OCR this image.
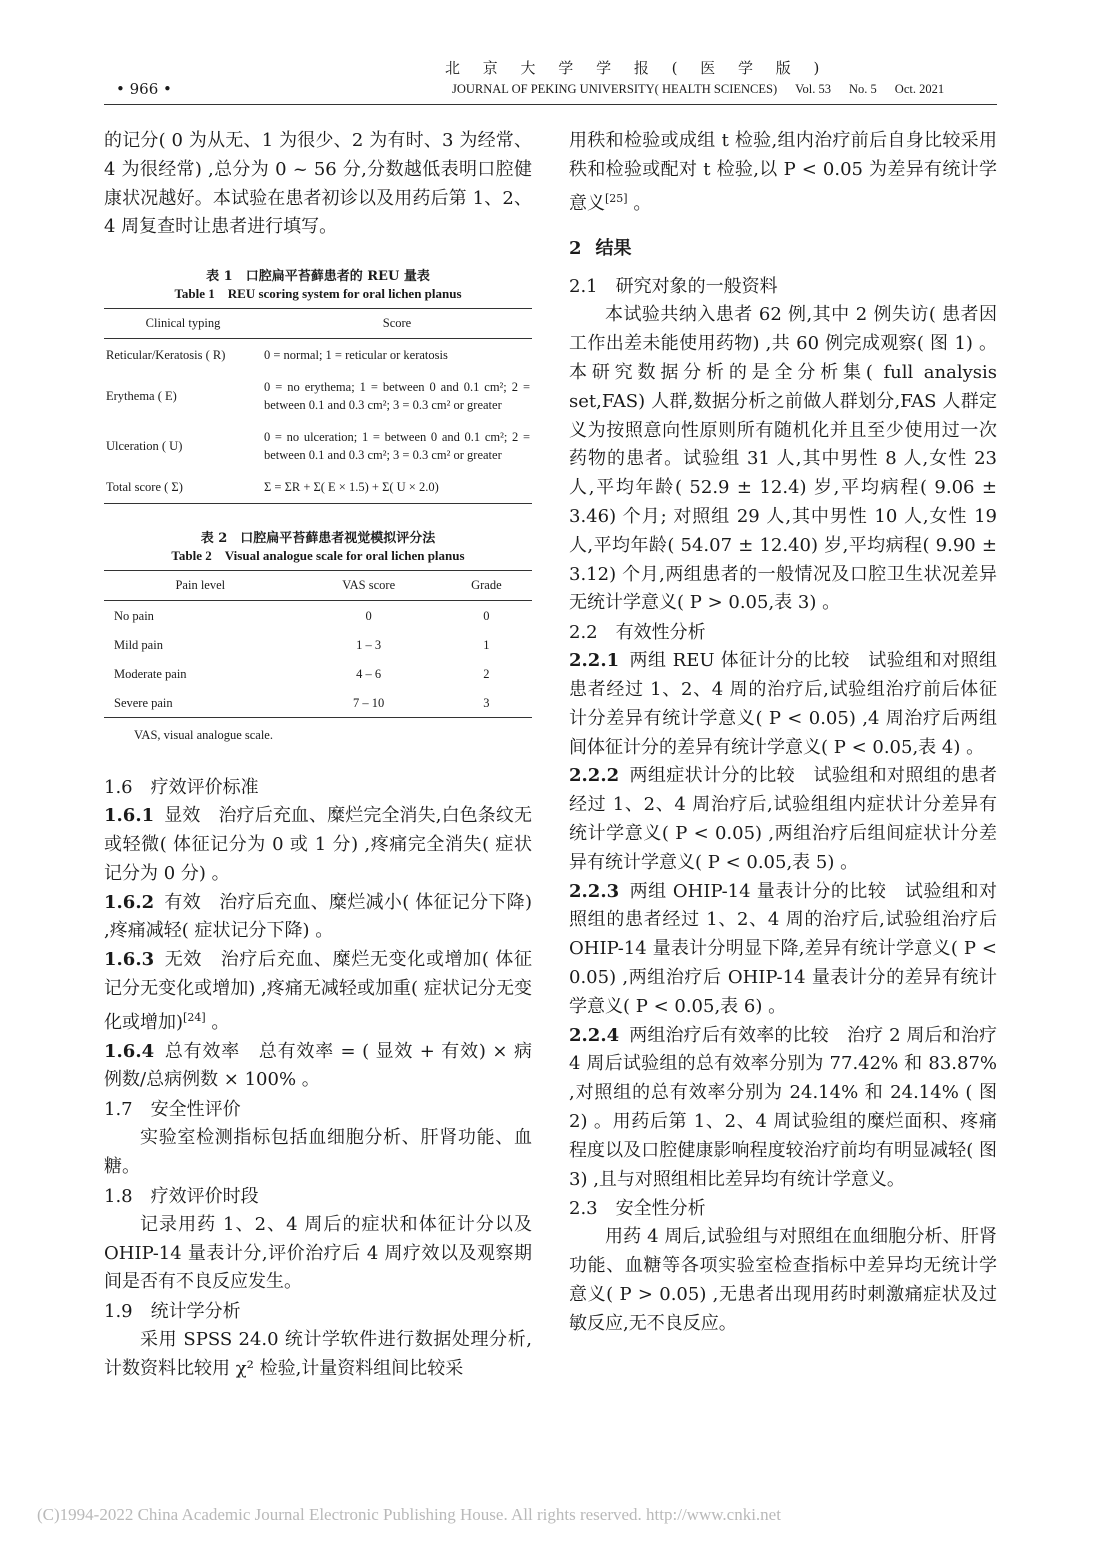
• 966 •
北 京 大 学 学 报 ( 医 学 版 )
JOURNAL OF PEKING UNIVERSITY( HEALTH SCIENCES) Vol. 53 No. 5 Oct. 2021

的记分( 0 为从无、1 为很少、2 为有时、3 为经常、4 为很经常) ,总分为 0 ~ 56 分,分数越低表明口腔健康状况越好。本试验在患者初诊以及用药后第 1、2、4 周复查时让患者进行填写。

表 1　口腔扁平苔藓患者的 REU 量表

Table 1　REU scoring system for oral lichen planus

Clinical typing	Score
Reticular/Keratosis ( R)	0 = normal; 1 = reticular or keratosis
Erythema ( E)	0 = no erythema; 1 = between 0 and 0.1 cm²; 2 = between 0.1 and 0.3 cm²; 3 = 0.3 cm² or greater
Ulceration ( U)	0 = no ulceration; 1 = between 0 and 0.1 cm²; 2 = between 0.1 and 0.3 cm²; 3 = 0.3 cm² or greater
Total score ( Σ)	Σ = ΣR + Σ( E × 1.5) + Σ( U × 2.0)

表 2　口腔扁平苔藓患者视觉模拟评分法

Table 2　Visual analogue scale for oral lichen planus

Pain level	VAS score	Grade
No pain	0	0
Mild pain	1 – 3	1
Moderate pain	4 – 6	2
Severe pain	7 – 10	3
VAS, visual analogue scale.

1.6　疗效评价标准

1.6.1 显效　治疗后充血、糜烂完全消失,白色条纹无或轻微( 体征记分为 0 或 1 分) ,疼痛完全消失( 症状记分为 0 分) 。

1.6.2 有效　治疗后充血、糜烂减小( 体征记分下降) ,疼痛减轻( 症状记分下降) 。

1.6.3 无效　治疗后充血、糜烂无变化或增加( 体征记分无变化或增加) ,疼痛无减轻或加重( 症状记分无变化或增加)[24] 。

1.6.4 总有效率　总有效率 = ( 显效 + 有效) × 病例数/总病例数 × 100% 。

1.7　安全性评价

实验室检测指标包括血细胞分析、肝肾功能、血糖。

1.8　疗效评价时段

记录用药 1、2、4 周后的症状和体征计分以及 OHIP-14 量表计分,评价治疗后 4 周疗效以及观察期间是否有不良反应发生。

1.9　统计学分析

采用 SPSS 24.0 统计学软件进行数据处理分析,计数资料比较用 χ² 检验,计量资料组间比较采

用秩和检验或成组 t 检验,组内治疗前后自身比较采用秩和检验或配对 t 检验,以 P < 0.05 为差异有统计学意义[25] 。

2 结果

2.1　研究对象的一般资料

本试验共纳入患者 62 例,其中 2 例失访( 患者因工作出差未能使用药物) ,共 60 例完成观察( 图 1) 。本研究数据分析的是全分析集( full analysis set,FAS) 人群,数据分析之前做人群划分,FAS 人群定义为按照意向性原则所有随机化并且至少使用过一次药物的患者。试验组 31 人,其中男性 8 人,女性 23 人,平均年龄( 52.9 ± 12.4) 岁,平均病程( 9.06 ± 3.46) 个月; 对照组 29 人,其中男性 10 人,女性 19 人,平均年龄( 54.07 ± 12.40) 岁,平均病程( 9.90 ± 3.12) 个月,两组患者的一般情况及口腔卫生状况差异无统计学意义( P > 0.05,表 3) 。

2.2　有效性分析

2.2.1 两组 REU 体征计分的比较　试验组和对照组患者经过 1、2、4 周的治疗后,试验组治疗前后体征计分差异有统计学意义( P < 0.05) ,4 周治疗后两组间体征计分的差异有统计学意义( P < 0.05,表 4) 。

2.2.2 两组症状计分的比较　试验组和对照组的患者经过 1、2、4 周治疗后,试验组组内症状计分差异有统计学意义( P < 0.05) ,两组治疗后组间症状计分差异有统计学意义( P < 0.05,表 5) 。

2.2.3 两组 OHIP-14 量表计分的比较　试验组和对照组的患者经过 1、2、4 周的治疗后,试验组治疗后 OHIP-14 量表计分明显下降,差异有统计学意义( P < 0.05) ,两组治疗后 OHIP-14 量表计分的差异有统计学意义( P < 0.05,表 6) 。

2.2.4 两组治疗后有效率的比较　治疗 2 周后和治疗 4 周后试验组的总有效率分别为 77.42% 和 83.87% ,对照组的总有效率分别为 24.14% 和 24.14% ( 图 2) 。用药后第 1、2、4 周试验组的糜烂面积、疼痛程度以及口腔健康影响程度较治疗前均有明显减轻( 图 3) ,且与对照组相比差异均有统计学意义。

2.3　安全性分析

用药 4 周后,试验组与对照组在血细胞分析、肝肾功能、血糖等各项实验室检查指标中差异均无统计学意义( P > 0.05) ,无患者出现用药时刺激痛症状及过敏反应,无不良反应。

(C)1994-2022 China Academic Journal Electronic Publishing House. All rights reserved. http://www.cnki.net
